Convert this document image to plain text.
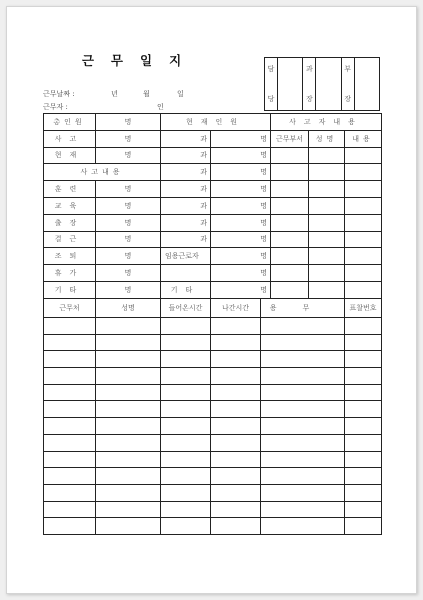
근무일지
근무날짜 :	년	월	일
근무자 :	인
담
당

과
장

부
장

총인원	명	현재인원		사고자내용		
사고	명	과	명	근무부서	성명	내용
현재	명	과	명			
사고내용		과	명			
훈련	명	과	명			
교육	명	과	명			
출장	명	과	명			
결근	명	과	명			
조퇴	명	임용근로자	명			
휴가	명		명			
기타	명	기타	명			
근무처	성명	들어온시간	나간시간	용무	표찰번호
